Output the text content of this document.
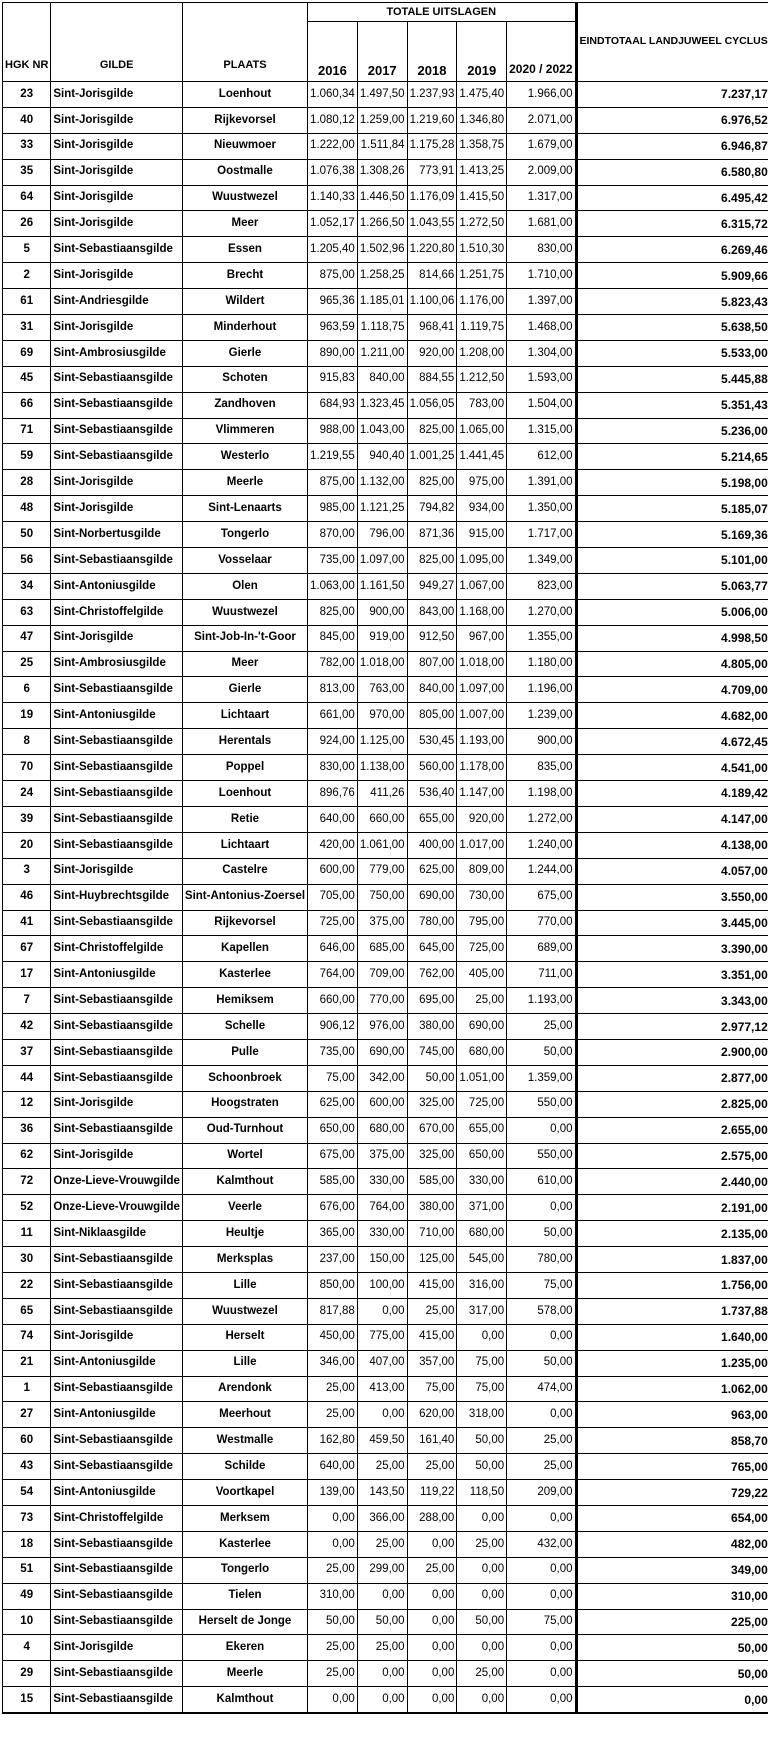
HGK NR	GILDE	PLAATS	TOTALE UITSLAGEN					EINDTOTAAL LANDJUWEEL CYCLUS
			2016	2017	2018	2019	2020 / 2022	
23	Sint-Jorisgilde	Loenhout	1.060,34	1.497,50	1.237,93	1.475,40	1.966,00	7.237,17
40	Sint-Jorisgilde	Rijkevorsel	1.080,12	1.259,00	1.219,60	1.346,80	2.071,00	6.976,52
33	Sint-Jorisgilde	Nieuwmoer	1.222,00	1.511,84	1.175,28	1.358,75	1.679,00	6.946,87
35	Sint-Jorisgilde	Oostmalle	1.076,38	1.308,26	773,91	1.413,25	2.009,00	6.580,80
64	Sint-Jorisgilde	Wuustwezel	1.140,33	1.446,50	1.176,09	1.415,50	1.317,00	6.495,42
26	Sint-Jorisgilde	Meer	1.052,17	1.266,50	1.043,55	1.272,50	1.681,00	6.315,72
5	Sint-Sebastiaansgilde	Essen	1.205,40	1.502,96	1.220,80	1.510,30	830,00	6.269,46
2	Sint-Jorisgilde	Brecht	875,00	1.258,25	814,66	1.251,75	1.710,00	5.909,66
61	Sint-Andriesgilde	Wildert	965,36	1.185,01	1.100,06	1.176,00	1.397,00	5.823,43
31	Sint-Jorisgilde	Minderhout	963,59	1.118,75	968,41	1.119,75	1.468,00	5.638,50
69	Sint-Ambrosiusgilde	Gierle	890,00	1.211,00	920,00	1.208,00	1.304,00	5.533,00
45	Sint-Sebastiaansgilde	Schoten	915,83	840,00	884,55	1.212,50	1.593,00	5.445,88
66	Sint-Sebastiaansgilde	Zandhoven	684,93	1.323,45	1.056,05	783,00	1.504,00	5.351,43
71	Sint-Sebastiaansgilde	Vlimmeren	988,00	1.043,00	825,00	1.065,00	1.315,00	5.236,00
59	Sint-Sebastiaansgilde	Westerlo	1.219,55	940,40	1.001,25	1.441,45	612,00	5.214,65
28	Sint-Jorisgilde	Meerle	875,00	1.132,00	825,00	975,00	1.391,00	5.198,00
48	Sint-Jorisgilde	Sint-Lenaarts	985,00	1.121,25	794,82	934,00	1.350,00	5.185,07
50	Sint-Norbertusgilde	Tongerlo	870,00	796,00	871,36	915,00	1.717,00	5.169,36
56	Sint-Sebastiaansgilde	Vosselaar	735,00	1.097,00	825,00	1.095,00	1.349,00	5.101,00
34	Sint-Antoniusgilde	Olen	1.063,00	1.161,50	949,27	1.067,00	823,00	5.063,77
63	Sint-Christoffelgilde	Wuustwezel	825,00	900,00	843,00	1.168,00	1.270,00	5.006,00
47	Sint-Jorisgilde	Sint-Job-In-'t-Goor	845,00	919,00	912,50	967,00	1.355,00	4.998,50
25	Sint-Ambrosiusgilde	Meer	782,00	1.018,00	807,00	1.018,00	1.180,00	4.805,00
6	Sint-Sebastiaansgilde	Gierle	813,00	763,00	840,00	1.097,00	1.196,00	4.709,00
19	Sint-Antoniusgilde	Lichtaart	661,00	970,00	805,00	1.007,00	1.239,00	4.682,00
8	Sint-Sebastiaansgilde	Herentals	924,00	1.125,00	530,45	1.193,00	900,00	4.672,45
70	Sint-Sebastiaansgilde	Poppel	830,00	1.138,00	560,00	1.178,00	835,00	4.541,00
24	Sint-Sebastiaansgilde	Loenhout	896,76	411,26	536,40	1.147,00	1.198,00	4.189,42
39	Sint-Sebastiaansgilde	Retie	640,00	660,00	655,00	920,00	1.272,00	4.147,00
20	Sint-Sebastiaansgilde	Lichtaart	420,00	1.061,00	400,00	1.017,00	1.240,00	4.138,00
3	Sint-Jorisgilde	Castelre	600,00	779,00	625,00	809,00	1.244,00	4.057,00
46	Sint-Huybrechtsgilde	Sint-Antonius-Zoersel	705,00	750,00	690,00	730,00	675,00	3.550,00
41	Sint-Sebastiaansgilde	Rijkevorsel	725,00	375,00	780,00	795,00	770,00	3.445,00
67	Sint-Christoffelgilde	Kapellen	646,00	685,00	645,00	725,00	689,00	3.390,00
17	Sint-Antoniusgilde	Kasterlee	764,00	709,00	762,00	405,00	711,00	3.351,00
7	Sint-Sebastiaansgilde	Hemiksem	660,00	770,00	695,00	25,00	1.193,00	3.343,00
42	Sint-Sebastiaansgilde	Schelle	906,12	976,00	380,00	690,00	25,00	2.977,12
37	Sint-Sebastiaansgilde	Pulle	735,00	690,00	745,00	680,00	50,00	2.900,00
44	Sint-Sebastiaansgilde	Schoonbroek	75,00	342,00	50,00	1.051,00	1.359,00	2.877,00
12	Sint-Jorisgilde	Hoogstraten	625,00	600,00	325,00	725,00	550,00	2.825,00
36	Sint-Sebastiaansgilde	Oud-Turnhout	650,00	680,00	670,00	655,00	0,00	2.655,00
62	Sint-Jorisgilde	Wortel	675,00	375,00	325,00	650,00	550,00	2.575,00
72	Onze-Lieve-Vrouwgilde	Kalmthout	585,00	330,00	585,00	330,00	610,00	2.440,00
52	Onze-Lieve-Vrouwgilde	Veerle	676,00	764,00	380,00	371,00	0,00	2.191,00
11	Sint-Niklaasgilde	Heultje	365,00	330,00	710,00	680,00	50,00	2.135,00
30	Sint-Sebastiaansgilde	Merksplas	237,00	150,00	125,00	545,00	780,00	1.837,00
22	Sint-Sebastiaansgilde	Lille	850,00	100,00	415,00	316,00	75,00	1.756,00
65	Sint-Sebastiaansgilde	Wuustwezel	817,88	0,00	25,00	317,00	578,00	1.737,88
74	Sint-Jorisgilde	Herselt	450,00	775,00	415,00	0,00	0,00	1.640,00
21	Sint-Antoniusgilde	Lille	346,00	407,00	357,00	75,00	50,00	1.235,00
1	Sint-Sebastiaansgilde	Arendonk	25,00	413,00	75,00	75,00	474,00	1.062,00
27	Sint-Antoniusgilde	Meerhout	25,00	0,00	620,00	318,00	0,00	963,00
60	Sint-Sebastiaansgilde	Westmalle	162,80	459,50	161,40	50,00	25,00	858,70
43	Sint-Sebastiaansgilde	Schilde	640,00	25,00	25,00	50,00	25,00	765,00
54	Sint-Antoniusgilde	Voortkapel	139,00	143,50	119,22	118,50	209,00	729,22
73	Sint-Christoffelgilde	Merksem	0,00	366,00	288,00	0,00	0,00	654,00
18	Sint-Sebastiaansgilde	Kasterlee	0,00	25,00	0,00	25,00	432,00	482,00
51	Sint-Sebastiaansgilde	Tongerlo	25,00	299,00	25,00	0,00	0,00	349,00
49	Sint-Sebastiaansgilde	Tielen	310,00	0,00	0,00	0,00	0,00	310,00
10	Sint-Sebastiaansgilde	Herselt de Jonge	50,00	50,00	0,00	50,00	75,00	225,00
4	Sint-Jorisgilde	Ekeren	25,00	25,00	0,00	0,00	0,00	50,00
29	Sint-Sebastiaansgilde	Meerle	25,00	0,00	0,00	25,00	0,00	50,00
15	Sint-Sebastiaansgilde	Kalmthout	0,00	0,00	0,00	0,00	0,00	0,00
